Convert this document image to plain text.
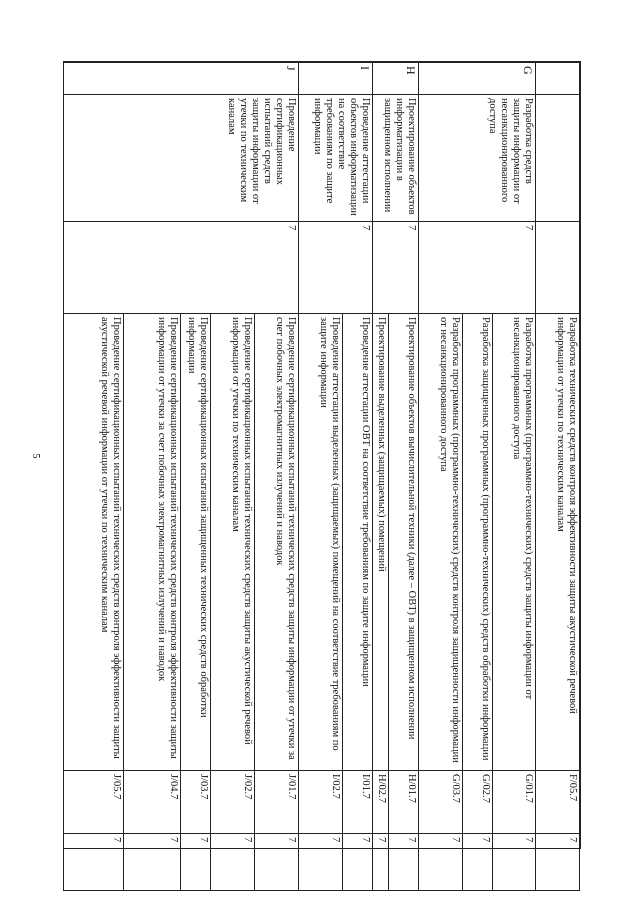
5
				Разработка технических средств контроля эффективности защиты акустической речевой информации от утечки по техническим каналам	F/05.7	7
G	Разработка средств защиты информации от несанкционированного доступа	7	Разработка программных (программно-технических) средств защиты информации от несанкционированного доступа	G/01.7	7
			Разработка защищенных программных (программно-технических) средств обработки информации	G/02.7	7
			Разработка программных (программно-технических) средств контроля защищенности информации от несанкционированного доступа	G/03.7	7
H	Проектирование объектов информатизации в защищенном исполнении	7	Проектирование объектов вычислительной техники (далее – ОВТ) в защищенном исполнении	H/01.7	7
			Проектирование выделенных (защищаемых) помещений	H/02.7	7
I	Проведение аттестации объектов информатизации на соответствие требованиям по защите информации	7	Проведение аттестации ОВТ на соответствие требованиям по защите информации	I/01.7	7
			Проведение аттестации выделенных (защищаемых) помещений на соответствие требованиям по защите информации	I/02.7	7
J	Проведение сертификационных испытаний средств защиты информации от утечки по техническим каналам	7	Проведение сертификационных испытаний технических средств защиты информации от утечки за счет побочных электромагнитных излучений и наводок	J/01.7	7
			Проведение сертификационных испытаний технических средств защиты акустической речевой информации от утечки по техническим каналам	J/02.7	7
			Проведение сертификационных испытаний защищенных технических средств обработки информации	J/03.7	7
			Проведение сертификационных испытаний технических средств контроля эффективности защиты информации от утечки за счет побочных электромагнитных излучений и наводок	J/04.7	7
			Проведение сертификационных испытаний технических средств контроля эффективности защиты акустической речевой информации от утечки по техническим каналам	J/05.7	7
